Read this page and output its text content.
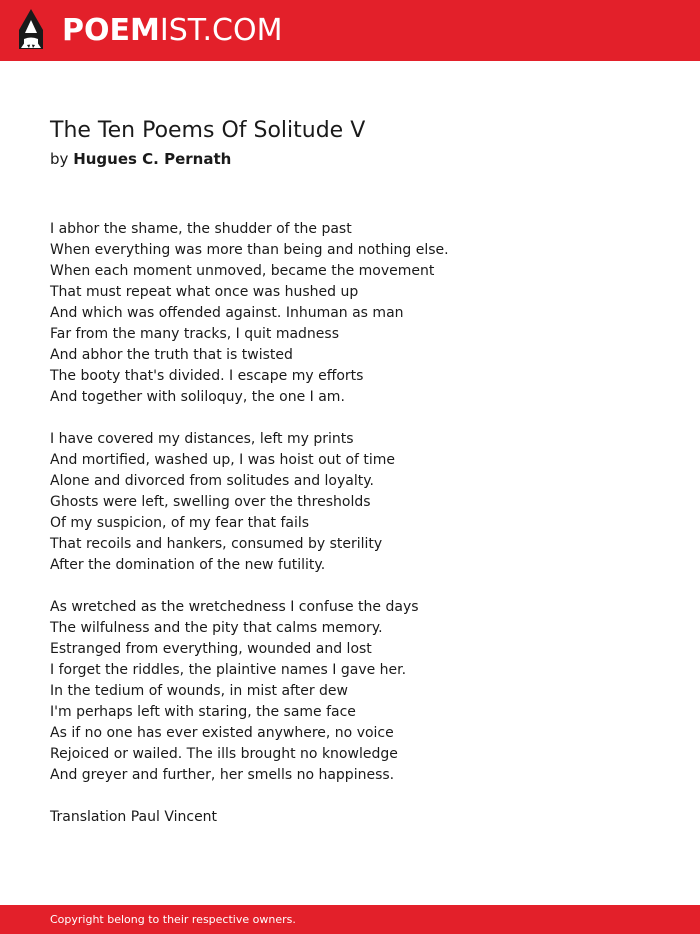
POEMIST.COM
The Ten Poems Of Solitude V
by Hugues C. Pernath
I abhor the shame, the shudder of the past
When everything was more than being and nothing else.
When each moment unmoved, became the movement
That must repeat what once was hushed up
And which was offended against. Inhuman as man
Far from the many tracks, I quit madness
And abhor the truth that is twisted
The booty that's divided. I escape my efforts
And together with soliloquy, the one I am.
I have covered my distances, left my prints
And mortified, washed up, I was hoist out of time
Alone and divorced from solitudes and loyalty.
Ghosts were left, swelling over the thresholds
Of my suspicion, of my fear that fails
That recoils and hankers, consumed by sterility
After the domination of the new futility.
As wretched as the wretchedness I confuse the days
The wilfulness and the pity that calms memory.
Estranged from everything, wounded and lost
I forget the riddles, the plaintive names I gave her.
In the tedium of wounds, in mist after dew
I'm perhaps left with staring, the same face
As if no one has ever existed anywhere, no voice
Rejoiced or wailed. The ills brought no knowledge
And greyer and further, her smells no happiness.
Translation Paul Vincent
Copyright belong to their respective owners.
